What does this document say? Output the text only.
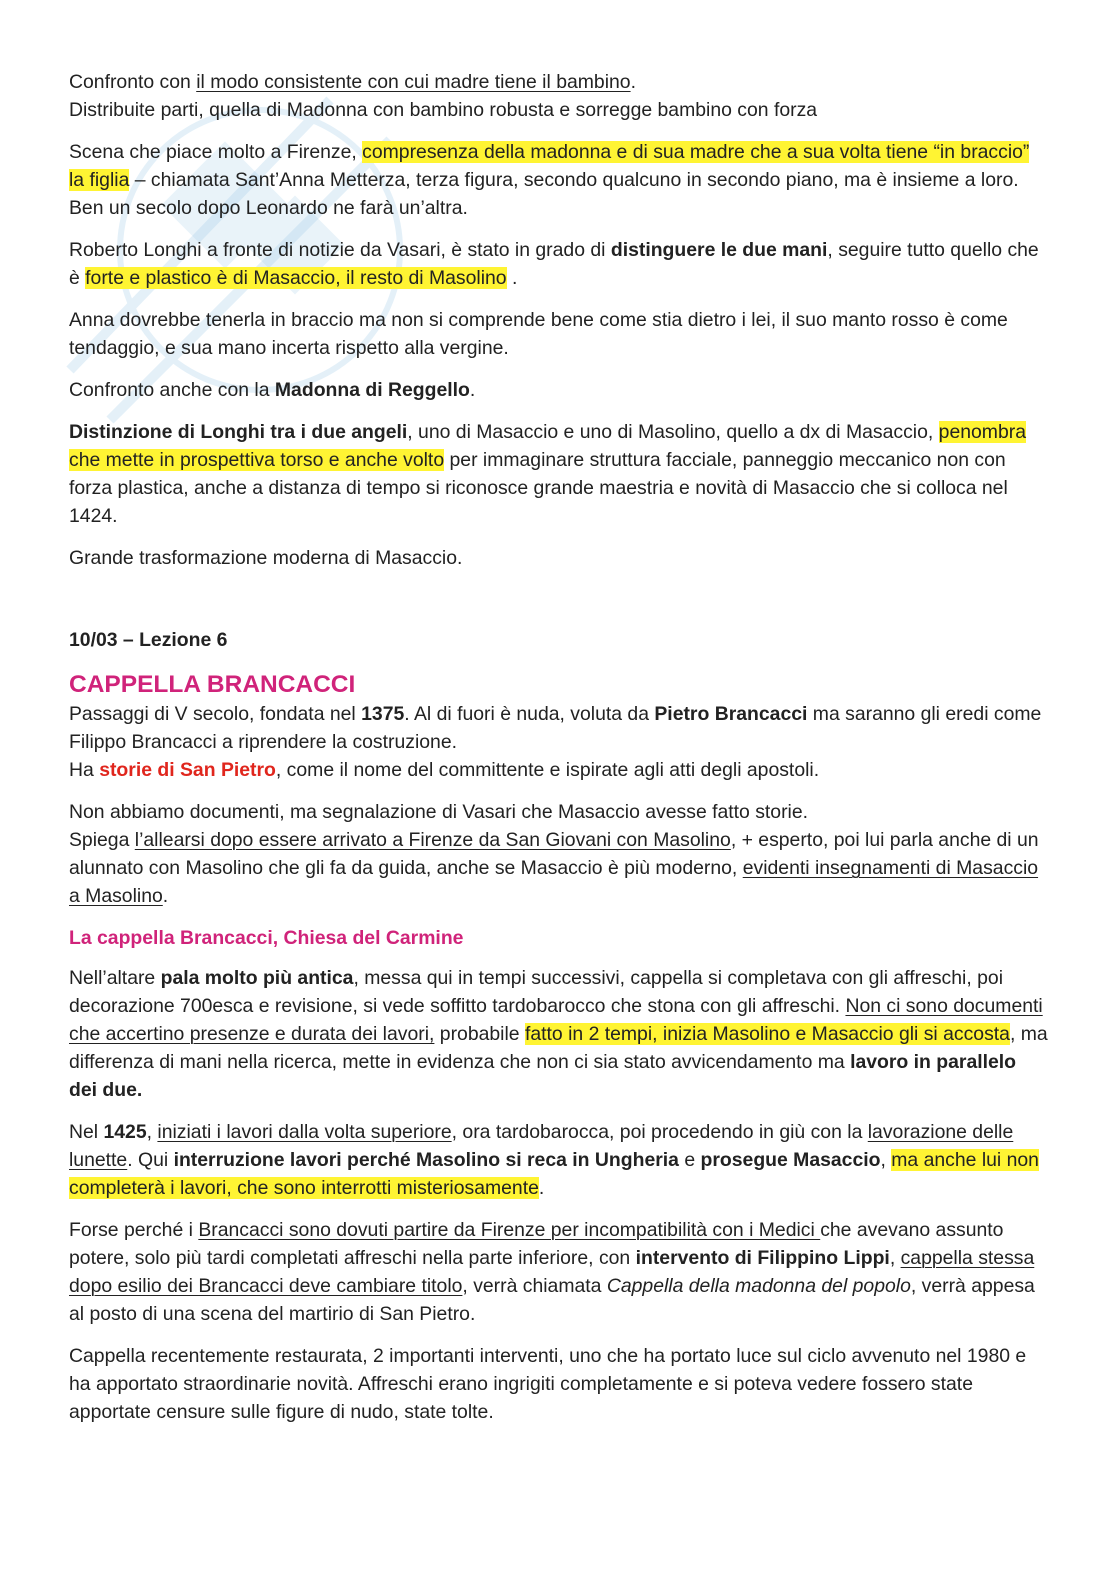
Confronto con il modo consistente con cui madre tiene il bambino.
Distribuite parti, quella di Madonna con bambino robusta e sorregge bambino con forza

Scena che piace molto a Firenze, compresenza della madonna e di sua madre che a sua volta tiene “in braccio” la figlia – chiamata Sant’Anna Metterza, terza figura, secondo qualcuno in secondo piano, ma è insieme a loro.
Ben un secolo dopo Leonardo ne farà un’altra.

Roberto Longhi a fronte di notizie da Vasari, è stato in grado di distinguere le due mani, seguire tutto quello che è forte e plastico è di Masaccio, il resto di Masolino .

Anna dovrebbe tenerla in braccio ma non si comprende bene come stia dietro i lei, il suo manto rosso è come tendaggio, e sua mano incerta rispetto alla vergine.

Confronto anche con la Madonna di Reggello.

Distinzione di Longhi tra i due angeli, uno di Masaccio e uno di Masolino, quello a dx di Masaccio, penombra che mette in prospettiva torso e anche volto per immaginare struttura facciale, panneggio meccanico non con forza plastica, anche a distanza di tempo si riconosce grande maestria e novità di Masaccio che si colloca nel 1424.

Grande trasformazione moderna di Masaccio.

10/03 – Lezione 6

CAPPELLA BRANCACCI

Passaggi di V secolo, fondata nel 1375. Al di fuori è nuda, voluta da Pietro Brancacci ma saranno gli eredi come Filippo Brancacci a riprendere la costruzione.
Ha storie di San Pietro, come il nome del committente e ispirate agli atti degli apostoli.

Non abbiamo documenti, ma segnalazione di Vasari che Masaccio avesse fatto storie.
Spiega l’allearsi dopo essere arrivato a Firenze da San Giovani con Masolino, + esperto, poi lui parla anche di un alunnato con Masolino che gli fa da guida, anche se Masaccio è più moderno, evidenti insegnamenti di Masaccio a Masolino.

La cappella Brancacci, Chiesa del Carmine

Nell’altare pala molto più antica, messa qui in tempi successivi, cappella si completava con gli affreschi, poi decorazione 700esca e revisione, si vede soffitto tardobarocco che stona con gli affreschi. Non ci sono documenti che accertino presenze e durata dei lavori, probabile fatto in 2 tempi, inizia Masolino e Masaccio gli si accosta, ma differenza di mani nella ricerca, mette in evidenza che non ci sia stato avvicendamento ma lavoro in parallelo dei due.

Nel 1425, iniziati i lavori dalla volta superiore, ora tardobarocca, poi procedendo in giù con la lavorazione delle lunette. Qui interruzione lavori perché Masolino si reca in Ungheria e prosegue Masaccio, ma anche lui non completerà i lavori, che sono interrotti misteriosamente.

Forse perché i Brancacci sono dovuti partire da Firenze per incompatibilità con i Medici che avevano assunto potere, solo più tardi completati affreschi nella parte inferiore, con intervento di Filippino Lippi, cappella stessa dopo esilio dei Brancacci deve cambiare titolo, verrà chiamata Cappella della madonna del popolo, verrà appesa al posto di una scena del martirio di San Pietro.

Cappella recentemente restaurata, 2 importanti interventi, uno che ha portato luce sul ciclo avvenuto nel 1980 e ha apportato straordinarie novità. Affreschi erano ingrigiti completamente e si poteva vedere fossero state apportate censure sulle figure di nudo, state tolte.
